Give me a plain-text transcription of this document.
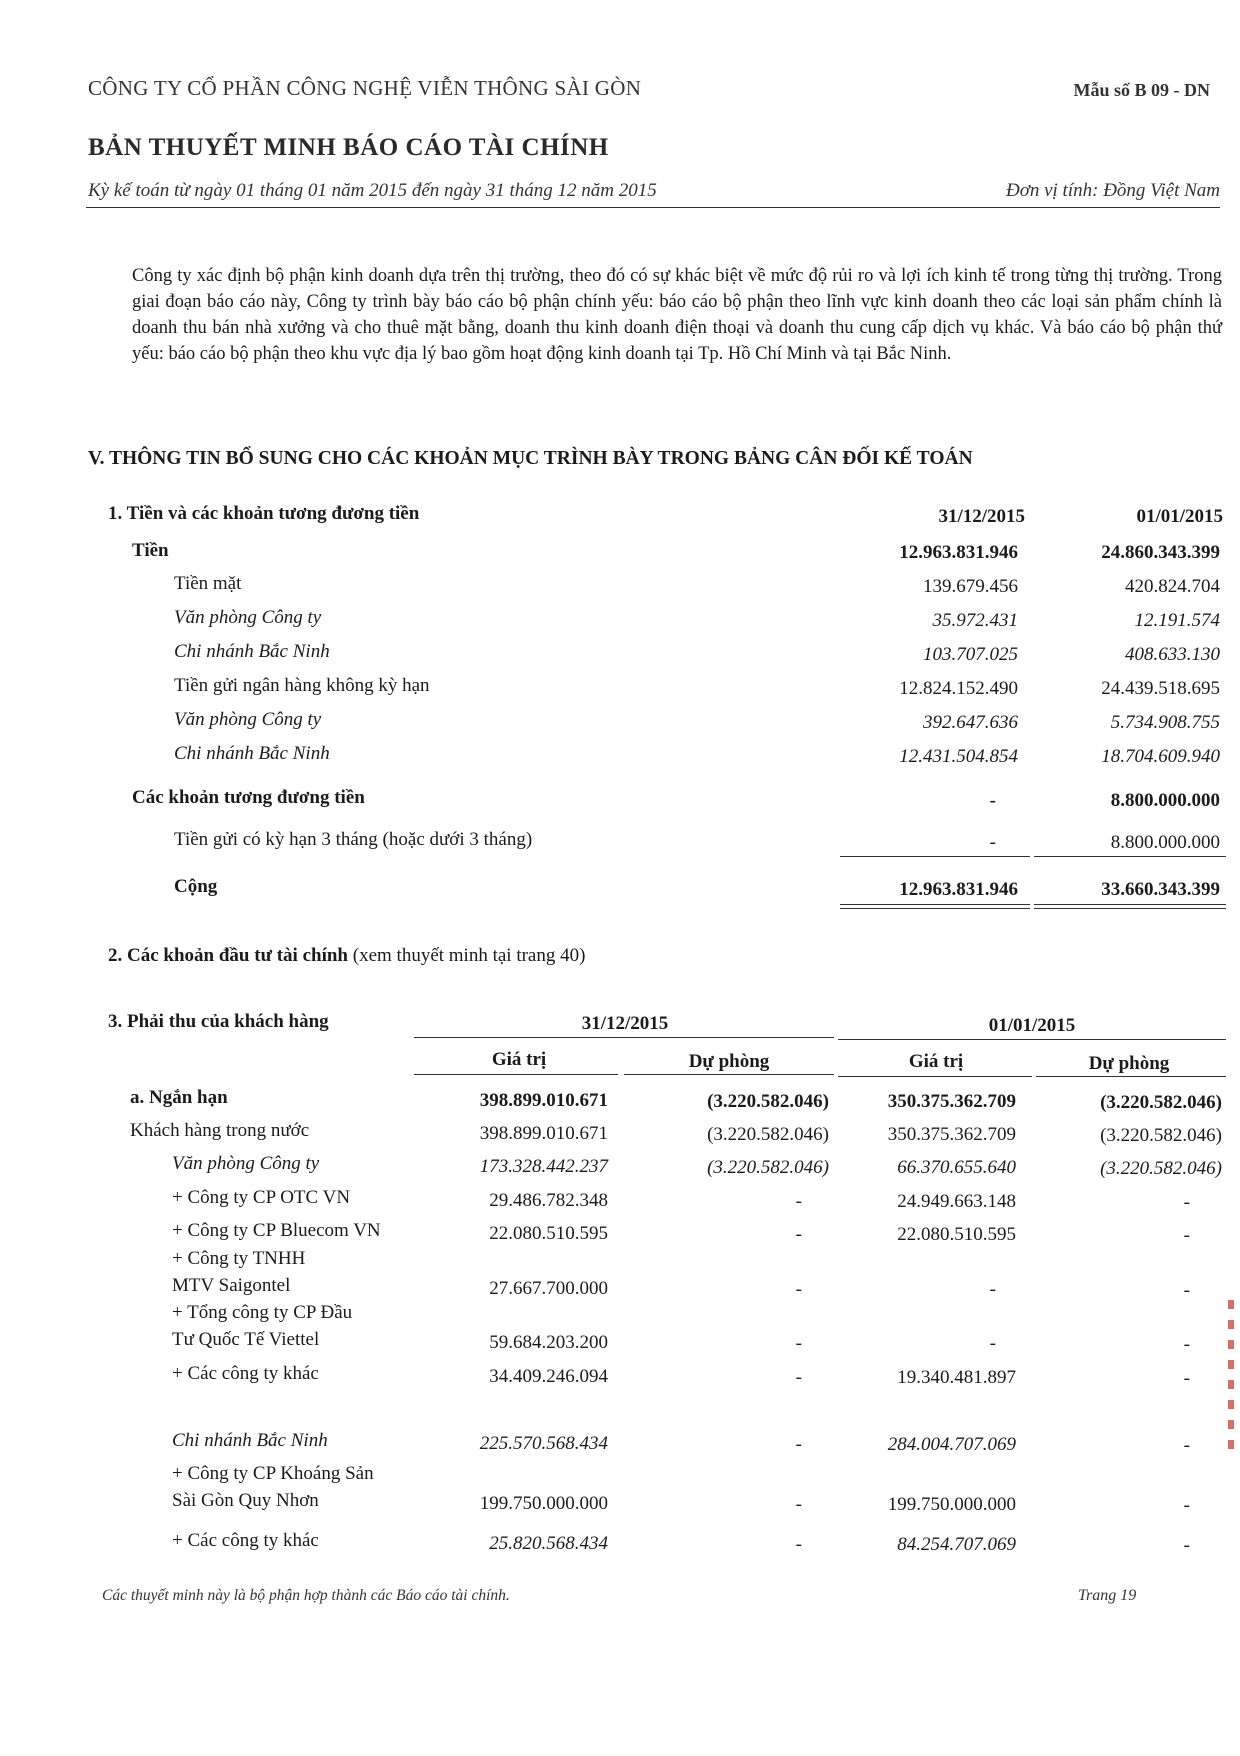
CÔNG TY CỔ PHẦN CÔNG NGHỆ VIỄN THÔNG SÀI GÒN	Mẫu số B 09 - DN
BẢN THUYẾT MINH BÁO CÁO TÀI CHÍNH
Kỳ kế toán từ ngày 01 tháng 01 năm 2015 đến ngày 31 tháng 12 năm 2015	Đơn vị tính: Đồng Việt Nam
Công ty xác định bộ phận kinh doanh dựa trên thị trường, theo đó có sự khác biệt về mức độ rủi ro và lợi ích kinh tế trong từng thị trường. Trong giai đoạn báo cáo này, Công ty trình bày báo cáo bộ phận chính yếu: báo cáo bộ phận theo lĩnh vực kinh doanh theo các loại sản phẩm chính là doanh thu bán nhà xưởng và cho thuê mặt bằng, doanh thu kinh doanh điện thoại và doanh thu cung cấp dịch vụ khác. Và báo cáo bộ phận thứ yếu: báo cáo bộ phận theo khu vực địa lý bao gồm hoạt động kinh doanh tại Tp. Hồ Chí Minh và tại Bắc Ninh.
V. THÔNG TIN BỔ SUNG CHO CÁC KHOẢN MỤC TRÌNH BÀY TRONG BẢNG CÂN ĐỐI KẾ TOÁN
1. Tiền và các khoản tương đương tiền	31/12/2015	01/01/2015
Tiền	12.963.831.946	24.860.343.399
Tiền mặt	139.679.456	420.824.704
Văn phòng Công ty	35.972.431	12.191.574
Chi nhánh Bắc Ninh	103.707.025	408.633.130
Tiền gửi ngân hàng không kỳ hạn	12.824.152.490	24.439.518.695
Văn phòng Công ty	392.647.636	5.734.908.755
Chi nhánh Bắc Ninh	12.431.504.854	18.704.609.940
Các khoản tương đương tiền	-	8.800.000.000
Tiền gửi có kỳ hạn 3 tháng (hoặc dưới 3 tháng)	-	8.800.000.000
Cộng	12.963.831.946	33.660.343.399
2. Các khoản đầu tư tài chính (xem thuyết minh tại trang 40)
3. Phải thu của khách hàng	31/12/2015	01/01/2015
Giá trị	Dự phòng	Giá trị	Dự phòng
a. Ngắn hạn	398.899.010.671	(3.220.582.046)	350.375.362.709	(3.220.582.046)
Khách hàng trong nước	398.899.010.671	(3.220.582.046)	350.375.362.709	(3.220.582.046)
Văn phòng Công ty	173.328.442.237	(3.220.582.046)	66.370.655.640	(3.220.582.046)
+ Công ty CP OTC VN	29.486.782.348	-	24.949.663.148	-
+ Công ty CP Bluecom VN	22.080.510.595	-	22.080.510.595	-
+ Công ty TNHH
MTV Saigontel	27.667.700.000	-	-	-
+ Tổng công ty CP Đầu
Tư Quốc Tế Viettel	59.684.203.200	-	-	-
+ Các công ty khác	34.409.246.094	-	19.340.481.897	-
Chi nhánh Bắc Ninh	225.570.568.434	-	284.004.707.069	-
+ Công ty CP Khoáng Sản
Sài Gòn Quy Nhơn	199.750.000.000	-	199.750.000.000	-
+ Các công ty khác	25.820.568.434	-	84.254.707.069	-
Các thuyết minh này là bộ phận hợp thành các Báo cáo tài chính.	Trang 19
